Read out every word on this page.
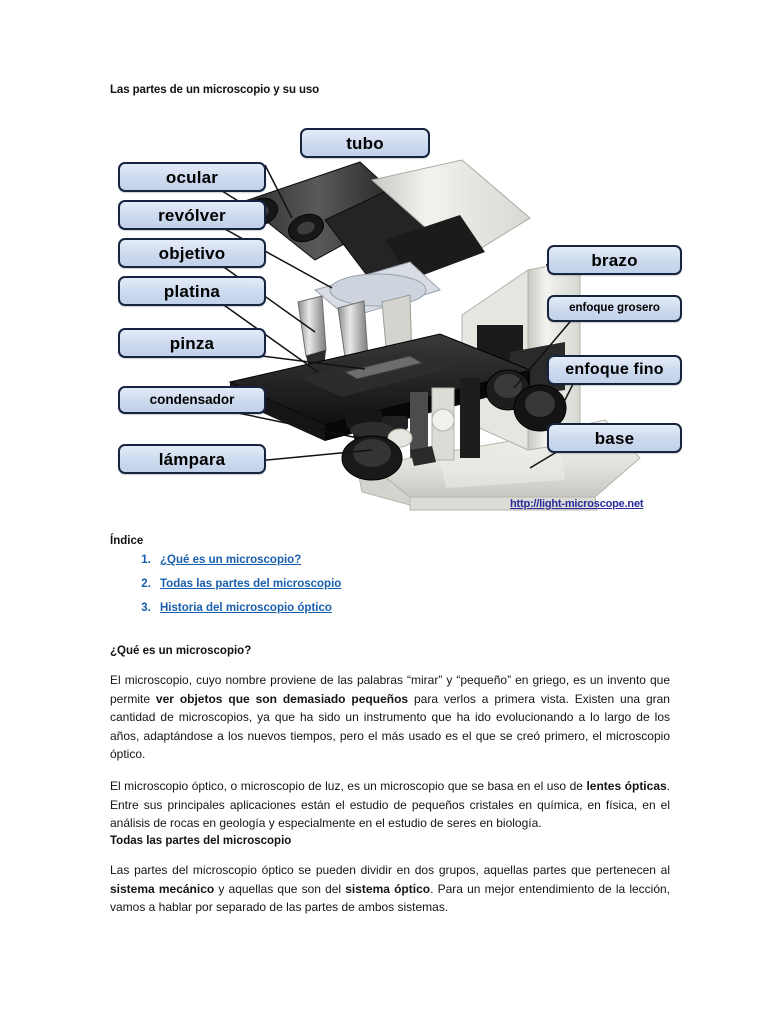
Las partes de un microscopio y su uso
tubo
ocular
revólver
objetivo
platina
pinza
condensador
lámpara
brazo
enfoque grosero
enfoque fino
base
http://light-microscope.net
Índice
1. ¿Qué es un microscopio?
2. Todas las partes del microscopio
3. Historia del microscopio óptico
¿Qué es un microscopio?

El microscopio, cuyo nombre proviene de las palabras “mirar” y “pequeño” en griego, es un invento que permite ver objetos que son demasiado pequeños para verlos a primera vista. Existen una gran cantidad de microscopios, ya que ha sido un instrumento que ha ido evolucionando a lo largo de los años, adaptándose a los nuevos tiempos, pero el más usado es el que se creó primero, el microscopio óptico.

El microscopio óptico, o microscopio de luz, es un microscopio que se basa en el uso de lentes ópticas. Entre sus principales aplicaciones están el estudio de pequeños cristales en química, en física, en el análisis de rocas en geología y especialmente en el estudio de seres en biología.

Todas las partes del microscopio

Las partes del microscopio óptico se pueden dividir en dos grupos, aquellas partes que pertenecen al sistema mecánico y aquellas que son del sistema óptico. Para un mejor entendimiento de la lección, vamos a hablar por separado de las partes de ambos sistemas.
